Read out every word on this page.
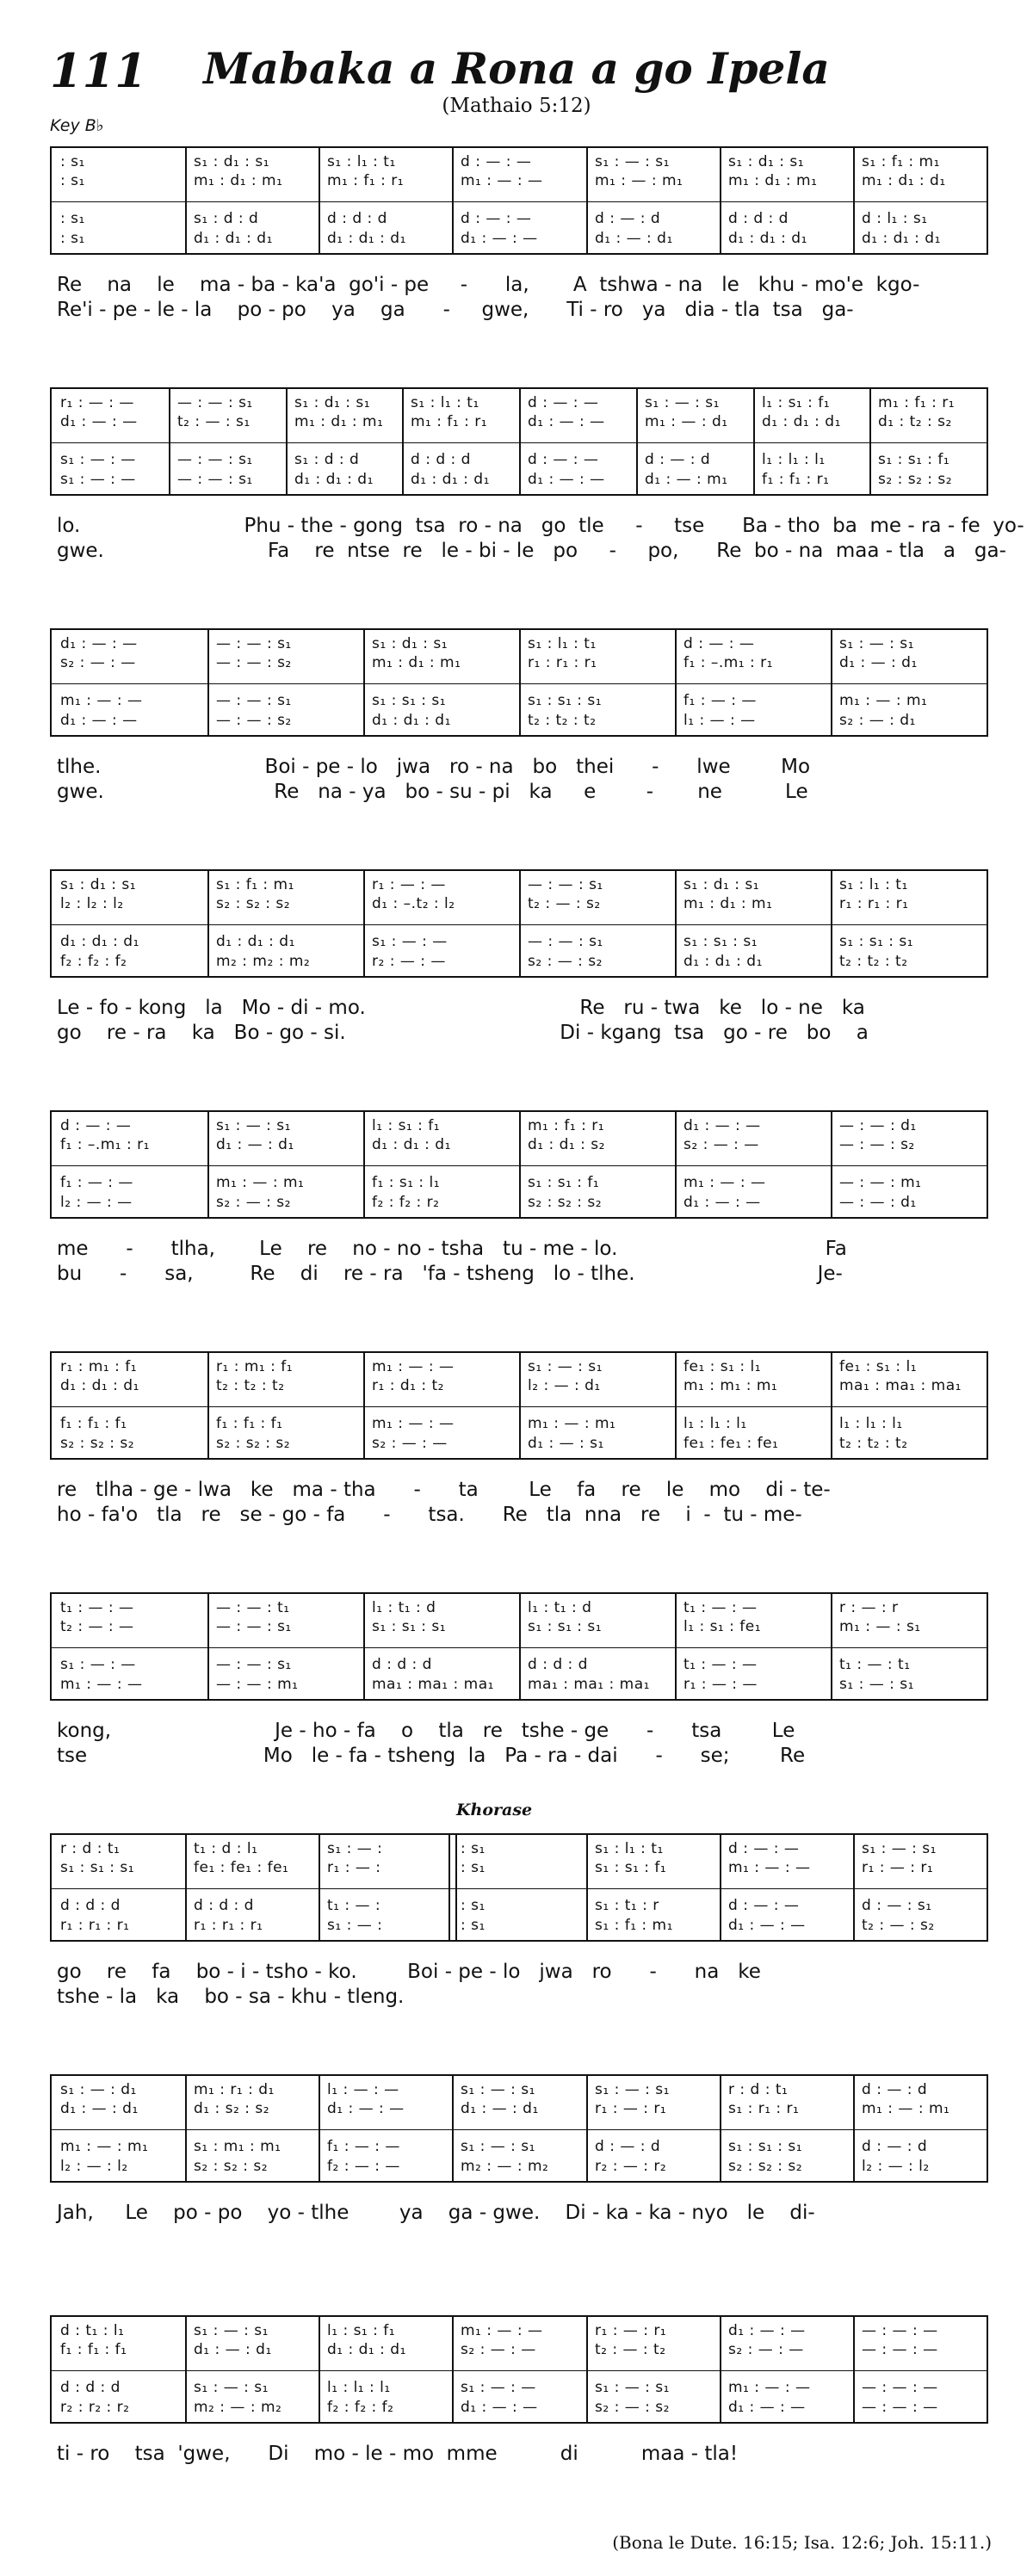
111	Mabaka a Rona a go Ipela
(Mathaio 5:12)
Key B♭
Khorase
: s₁
: s₁
: s₁
: s₁
s₁ : d₁ : s₁
m₁ : d₁ : m₁
s₁ : d : d
d₁ : d₁ : d₁
s₁ : l₁ : t₁
m₁ : f₁ : r₁
d : d : d
d₁ : d₁ : d₁
d : — : —
m₁ : — : —
d : — : —
d₁ : — : —
s₁ : — : s₁
m₁ : — : m₁
d : — : d
d₁ : — : d₁
s₁ : d₁ : s₁
m₁ : d₁ : m₁
d : d : d
d₁ : d₁ : d₁
s₁ : f₁ : m₁
m₁ : d₁ : d₁
d : l₁ : s₁
d₁ : d₁ : d₁
Re    na    le    ma - ba - ka'a  go'i - pe     -      la,       A  tshwa - na   le   khu - mo'e  kgo-
Re'i - pe - le - la    po - po    ya    ga      -     gwe,      Ti - ro   ya   dia - tla  tsa   ga-
r₁ : — : —
d₁ : — : —
s₁ : — : —
s₁ : — : —
— : — : s₁
t₂ : — : s₁
— : — : s₁
— : — : s₁
s₁ : d₁ : s₁
m₁ : d₁ : m₁
s₁ : d : d
d₁ : d₁ : d₁
s₁ : l₁ : t₁
m₁ : f₁ : r₁
d : d : d
d₁ : d₁ : d₁
d : — : —
d₁ : — : —
d : — : —
d₁ : — : —
s₁ : — : s₁
m₁ : — : d₁
d : — : d
d₁ : — : m₁
l₁ : s₁ : f₁
d₁ : d₁ : d₁
l₁ : l₁ : l₁
f₁ : f₁ : r₁
m₁ : f₁ : r₁
d₁ : t₂ : s₂
s₁ : s₁ : f₁
s₂ : s₂ : s₂
lo.                          Phu - the - gong  tsa  ro - na   go  tle     -     tse      Ba - tho  ba  me - ra - fe  yo-
gwe.                          Fa    re  ntse  re   le - bi - le   po     -     po,      Re  bo - na  maa - tla   a   ga-
d₁ : — : —
s₂ : — : —
m₁ : — : —
d₁ : — : —
— : — : s₁
— : — : s₂
— : — : s₁
— : — : s₂
s₁ : d₁ : s₁
m₁ : d₁ : m₁
s₁ : s₁ : s₁
d₁ : d₁ : d₁
s₁ : l₁ : t₁
r₁ : r₁ : r₁
s₁ : s₁ : s₁
t₂ : t₂ : t₂
d : — : —
f₁ : –.m₁ : r₁
f₁ : — : —
l₁ : — : —
s₁ : — : s₁
d₁ : — : d₁
m₁ : — : m₁
s₂ : — : d₁
tlhe.                          Boi - pe - lo   jwa   ro - na   bo   thei      -      lwe        Mo
gwe.                           Re   na - ya   bo - su - pi   ka     e        -       ne          Le
s₁ : d₁ : s₁
l₂ : l₂ : l₂
d₁ : d₁ : d₁
f₂ : f₂ : f₂
s₁ : f₁ : m₁
s₂ : s₂ : s₂
d₁ : d₁ : d₁
m₂ : m₂ : m₂
r₁ : — : —
d₁ : –.t₂ : l₂
s₁ : — : —
r₂ : — : —
— : — : s₁
t₂ : — : s₂
— : — : s₁
s₂ : — : s₂
s₁ : d₁ : s₁
m₁ : d₁ : m₁
s₁ : s₁ : s₁
d₁ : d₁ : d₁
s₁ : l₁ : t₁
r₁ : r₁ : r₁
s₁ : s₁ : s₁
t₂ : t₂ : t₂
Le - fo - kong   la   Mo - di - mo.                                  Re   ru - twa   ke   lo - ne   ka
go    re - ra    ka   Bo - go - si.                                  Di - kgang  tsa   go - re   bo    a
d : — : —
f₁ : –.m₁ : r₁
f₁ : — : —
l₂ : — : —
s₁ : — : s₁
d₁ : — : d₁
m₁ : — : m₁
s₂ : — : s₂
l₁ : s₁ : f₁
d₁ : d₁ : d₁
f₁ : s₁ : l₁
f₂ : f₂ : r₂
m₁ : f₁ : r₁
d₁ : d₁ : s₂
s₁ : s₁ : f₁
s₂ : s₂ : s₂
d₁ : — : —
s₂ : — : —
m₁ : — : —
d₁ : — : —
— : — : d₁
— : — : s₂
— : — : m₁
— : — : d₁
me      -      tlha,       Le    re    no - no - tsha   tu - me - lo.                                 Fa
bu      -      sa,         Re    di    re - ra   'fa - tsheng   lo - tlhe.                             Je-
r₁ : m₁ : f₁
d₁ : d₁ : d₁
f₁ : f₁ : f₁
s₂ : s₂ : s₂
r₁ : m₁ : f₁
t₂ : t₂ : t₂
f₁ : f₁ : f₁
s₂ : s₂ : s₂
m₁ : — : —
r₁ : d₁ : t₂
m₁ : — : —
s₂ : — : —
s₁ : — : s₁
l₂ : — : d₁
m₁ : — : m₁
d₁ : — : s₁
fe₁ : s₁ : l₁
m₁ : m₁ : m₁
l₁ : l₁ : l₁
fe₁ : fe₁ : fe₁
fe₁ : s₁ : l₁
ma₁ : ma₁ : ma₁
l₁ : l₁ : l₁
t₂ : t₂ : t₂
re   tlha - ge - lwa   ke   ma - tha      -      ta        Le    fa    re    le    mo    di - te-
ho - fa'o   tla   re   se - go - fa      -      tsa.      Re   tla  nna   re    i  -  tu - me-
t₁ : — : —
t₂ : — : —
s₁ : — : —
m₁ : — : —
— : — : t₁
— : — : s₁
— : — : s₁
— : — : m₁
l₁ : t₁ : d
s₁ : s₁ : s₁
d : d : d
ma₁ : ma₁ : ma₁
l₁ : t₁ : d
s₁ : s₁ : s₁
d : d : d
ma₁ : ma₁ : ma₁
t₁ : — : —
l₁ : s₁ : fe₁
t₁ : — : —
r₁ : — : —
r : — : r
m₁ : — : s₁
t₁ : — : t₁
s₁ : — : s₁
kong,                          Je - ho - fa    o    tla   re   tshe - ge      -      tsa        Le
tse                            Mo   le - fa - tsheng  la   Pa - ra - dai      -      se;        Re
r : d : t₁
s₁ : s₁ : s₁
d : d : d
r₁ : r₁ : r₁
t₁ : d : l₁
fe₁ : fe₁ : fe₁
d : d : d
r₁ : r₁ : r₁
s₁ : — :
r₁ : — :
t₁ : — :
s₁ : — :
: s₁
: s₁
: s₁
: s₁
s₁ : l₁ : t₁
s₁ : s₁ : f₁
s₁ : t₁ : r
s₁ : f₁ : m₁
d : — : —
m₁ : — : —
d : — : —
d₁ : — : —
s₁ : — : s₁
r₁ : — : r₁
d : — : s₁
t₂ : — : s₂
go    re    fa    bo - i - tsho - ko.        Boi - pe - lo   jwa   ro      -      na   ke
tshe - la   ka    bo - sa - khu - tleng.
s₁ : — : d₁
d₁ : — : d₁
m₁ : — : m₁
l₂ : — : l₂
m₁ : r₁ : d₁
d₁ : s₂ : s₂
s₁ : m₁ : m₁
s₂ : s₂ : s₂
l₁ : — : —
d₁ : — : —
f₁ : — : —
f₂ : — : —
s₁ : — : s₁
d₁ : — : d₁
s₁ : — : s₁
m₂ : — : m₂
s₁ : — : s₁
r₁ : — : r₁
d : — : d
r₂ : — : r₂
r : d : t₁
s₁ : r₁ : r₁
s₁ : s₁ : s₁
s₂ : s₂ : s₂
d : — : d
m₁ : — : m₁
d : — : d
l₂ : — : l₂
Jah,     Le    po - po    yo - tlhe        ya    ga - gwe.    Di - ka - ka - nyo   le    di-
d : t₁ : l₁
f₁ : f₁ : f₁
d : d : d
r₂ : r₂ : r₂
s₁ : — : s₁
d₁ : — : d₁
s₁ : — : s₁
m₂ : — : m₂
l₁ : s₁ : f₁
d₁ : d₁ : d₁
l₁ : l₁ : l₁
f₂ : f₂ : f₂
m₁ : — : —
s₂ : — : —
s₁ : — : —
d₁ : — : —
r₁ : — : r₁
t₂ : — : t₂
s₁ : — : s₁
s₂ : — : s₂
d₁ : — : —
s₂ : — : —
m₁ : — : —
d₁ : — : —
— : — : —
— : — : —
— : — : —
— : — : —
ti - ro    tsa  'gwe,      Di    mo - le - mo  mme          di          maa - tla!
(Bona le Dute. 16:15; Isa. 12:6; Joh. 15:11.)
